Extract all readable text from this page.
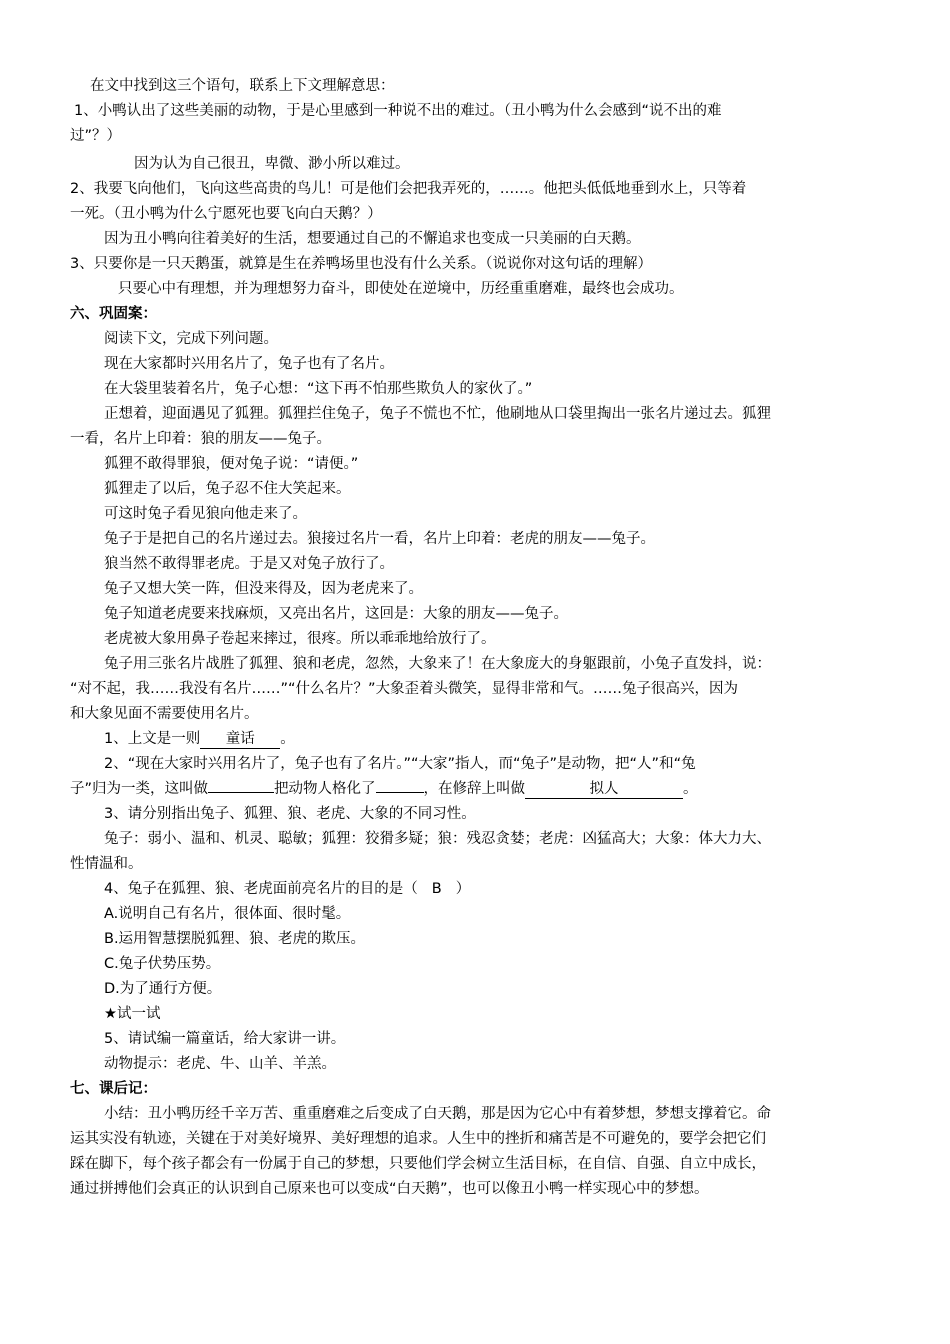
在文中找到这三个语句，联系上下文理解意思：
1、小鸭认出了这些美丽的动物，于是心里感到一种说不出的难过。（丑小鸭为什么会感到“说不出的难
过”？）
因为认为自己很丑，卑微、渺小所以难过。
2、我要飞向他们，飞向这些高贵的鸟儿！可是他们会把我弄死的，……。他把头低低地垂到水上，只等着
一死。（丑小鸭为什么宁愿死也要飞向白天鹅？）
因为丑小鸭向往着美好的生活，想要通过自己的不懈追求也变成一只美丽的白天鹅。
3、只要你是一只天鹅蛋，就算是生在养鸭场里也没有什么关系。（说说你对这句话的理解）
只要心中有理想，并为理想努力奋斗，即使处在逆境中，历经重重磨难，最终也会成功。
六、巩固案：
阅读下文，完成下列问题。
现在大家都时兴用名片了，兔子也有了名片。
在大袋里装着名片，兔子心想：“这下再不怕那些欺负人的家伙了。”
正想着，迎面遇见了狐狸。狐狸拦住兔子，兔子不慌也不忙，他刷地从口袋里掏出一张名片递过去。狐狸
一看，名片上印着：狼的朋友——兔子。
狐狸不敢得罪狼，便对兔子说：“请便。”
狐狸走了以后，兔子忍不住大笑起来。
可这时兔子看见狼向他走来了。
兔子于是把自己的名片递过去。狼接过名片一看，名片上印着：老虎的朋友——兔子。
狼当然不敢得罪老虎。于是又对兔子放行了。
兔子又想大笑一阵，但没来得及，因为老虎来了。
兔子知道老虎要来找麻烦，又亮出名片，这回是：大象的朋友——兔子。
老虎被大象用鼻子卷起来摔过，很疼。所以乖乖地给放行了。
兔子用三张名片战胜了狐狸、狼和老虎，忽然，大象来了！在大象庞大的身躯跟前，小兔子直发抖，说：
“对不起，我……我没有名片……”“什么名片？”大象歪着头微笑，显得非常和气。……兔子很高兴，因为
和大象见面不需要使用名片。
1、上文是一则 童话 。
2、“现在大家时兴用名片了，兔子也有了名片。”“大家”指人，而“兔子”是动物，把“人”和“兔
子”归为一类，这叫做	把动物人格化了	，在修辞上叫做	拟人	。
3、请分别指出兔子、狐狸、狼、老虎、大象的不同习性。
兔子：弱小、温和、机灵、聪敏；狐狸：狡猾多疑；狼：残忍贪婪；老虎：凶猛高大；大象：体大力大、
性情温和。
4、兔子在狐狸、狼、老虎面前亮名片的目的是（ B ）
A.说明自己有名片，很体面、很时髦。
B.运用智慧摆脱狐狸、狼、老虎的欺压。
C.兔子伏势压势。
D.为了通行方便。
★试一试
5、请试编一篇童话，给大家讲一讲。
动物提示：老虎、牛、山羊、羊羔。
七、课后记：
小结：丑小鸭历经千辛万苦、重重磨难之后变成了白天鹅，那是因为它心中有着梦想，梦想支撑着它。命
运其实没有轨迹，关键在于对美好境界、美好理想的追求。人生中的挫折和痛苦是不可避免的，要学会把它们
踩在脚下，每个孩子都会有一份属于自己的梦想，只要他们学会树立生活目标，在自信、自强、自立中成长，
通过拼搏他们会真正的认识到自己原来也可以变成“白天鹅”，也可以像丑小鸭一样实现心中的梦想。
